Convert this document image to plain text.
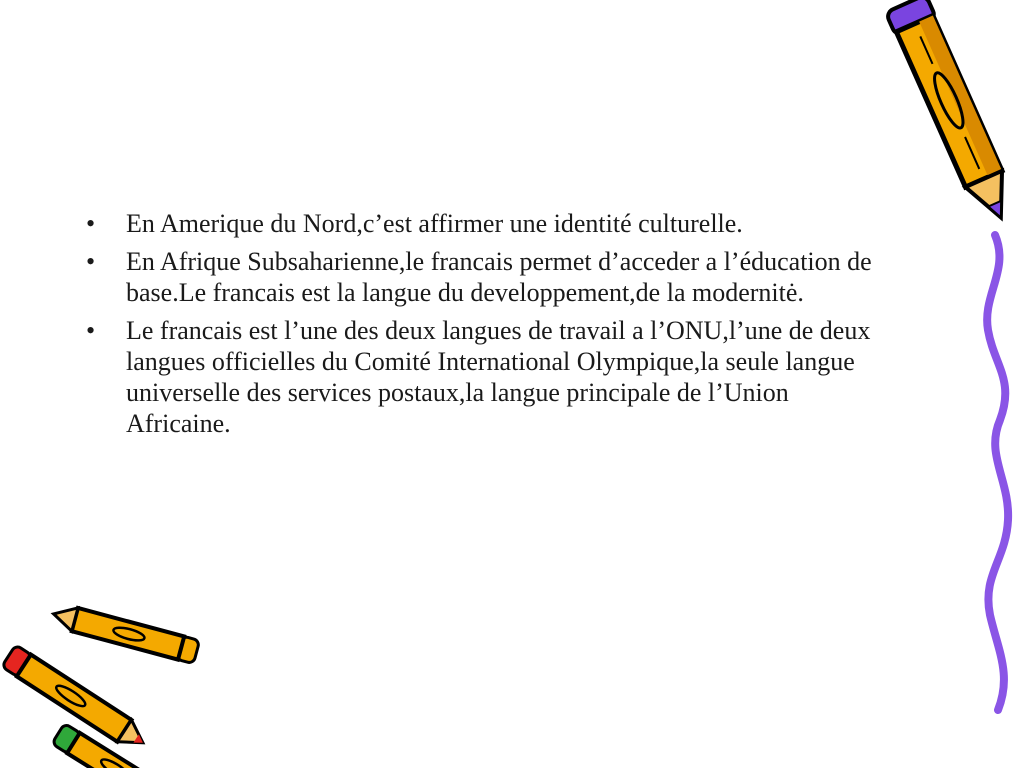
•	En Amerique du Nord,c’est affirmer une identité culturelle.
•	En Afrique Subsaharienne,le francais permet d’acceder a l’éducation de base.Le francais est la langue du developpement,de la modernitė.
•	Le francais est l’une des deux langues de travail a l’ONU,l’une de deux langues officielles du Comité International Olympique,la seule langue universelle des services postaux,la langue principale de l’Union Africaine.
